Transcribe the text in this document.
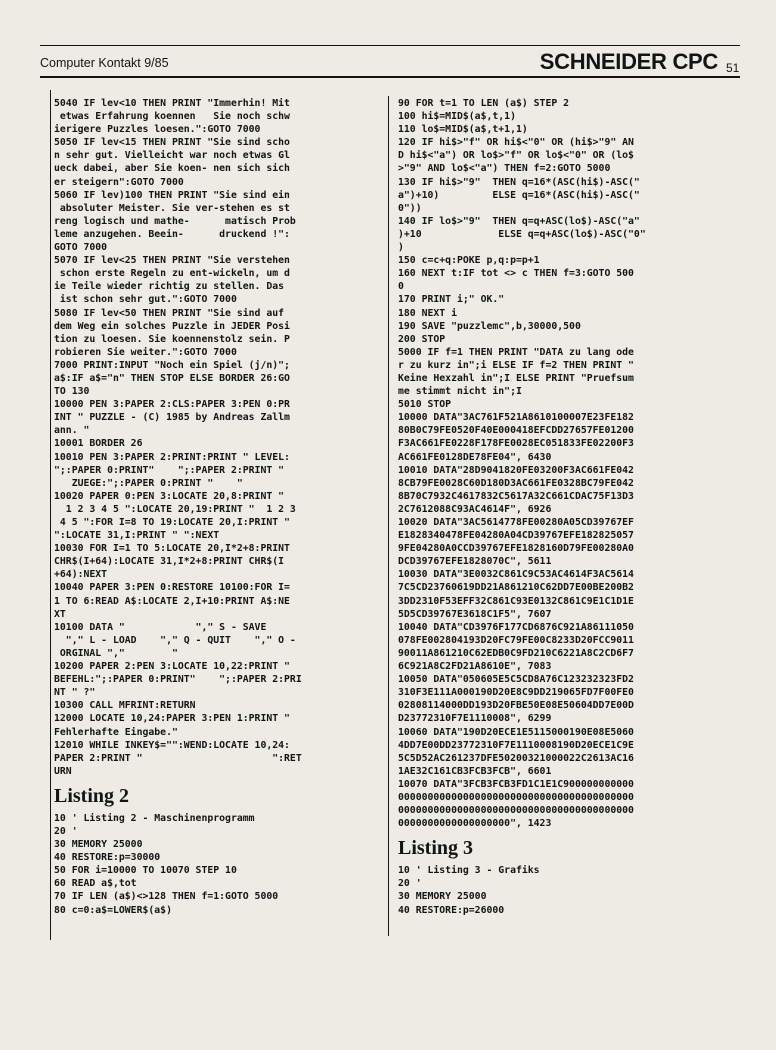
Computer Kontakt 9/85	SCHNEIDER CPC 51
5040 IF lev<10 THEN PRINT "Immerhin! Mit
etwas Erfahrung koennen   Sie noch schw
ierigere Puzzles loesen.":GOTO 7000
5050 IF lev<15 THEN PRINT "Sie sind scho
n sehr gut. Vielleicht war noch etwas Gl
ueck dabei, aber Sie koen- nen sich sich
er steigern":GOTO 7000
5060 IF lev)100 THEN PRINT "Sie sind ein
absoluter Meister. Sie ver-stehen es st
reng logisch und mathe-      matisch Prob
leme anzugehen. Beein-      druckend !":
GOTO 7000
5070 IF lev<25 THEN PRINT "Sie verstehen
schon erste Regeln zu ent-wickeln, um d
ie Teile wieder richtig zu stellen. Das
ist schon sehr gut.":GOTO 7000
5080 IF lev<50 THEN PRINT "Sie sind auf
dem Weg ein solches Puzzle in JEDER Posi
tion zu loesen. Sie koennenstolz sein. P
robieren Sie weiter.":GOTO 7000
7000 PRINT:INPUT "Noch ein Spiel (j/n)";
a$:IF a$="n" THEN STOP ELSE BORDER 26:GO
TO 130
10000 PEN 3:PAPER 2:CLS:PAPER 3:PEN 0:PR
INT " PUZZLE - (C) 1985 by Andreas Zallm
ann. "
10001 BORDER 26
10010 PEN 3:PAPER 2:PRINT:PRINT " LEVEL:
";:PAPER 0:PRINT"    ";:PAPER 2:PRINT "
ZUEGE:";:PAPER 0:PRINT "    "
10020 PAPER 0:PEN 3:LOCATE 20,8:PRINT "
1 2 3 4 5 ":LOCATE 20,19:PRINT "  1 2 3
4 5 ":FOR I=8 TO 19:LOCATE 20,I:PRINT "
":LOCATE 31,I:PRINT " ":NEXT
10030 FOR I=1 TO 5:LOCATE 20,I*2+8:PRINT
CHR$(I+64):LOCATE 31,I*2+8:PRINT CHR$(I
+64):NEXT
10040 PAPER 3:PEN 0:RESTORE 10100:FOR I=
1 TO 6:READ A$:LOCATE 2,I+10:PRINT A$:NE
XT
10100 DATA "            "," S - SAVE
"," L - LOAD    "," Q - QUIT    "," O -
ORGINAL ","        "
10200 PAPER 2:PEN 3:LOCATE 10,22:PRINT "
BEFEHL:";:PAPER 0:PRINT"    ";:PAPER 2:PRI
NT " ?"
10300 CALL MFRINT:RETURN
12000 LOCATE 10,24:PAPER 3:PEN 1:PRINT "
Fehlerhafte Eingabe."
12010 WHILE INKEY$="":WEND:LOCATE 10,24:
PAPER 2:PRINT "                      ":RET
URN
Listing 2
10 ' Listing 2 - Maschinenprogramm
20 '
30 MEMORY 25000
40 RESTORE:p=30000
50 FOR i=10000 TO 10070 STEP 10
60 READ a$,tot
70 IF LEN (a$)<>128 THEN f=1:GOTO 5000
80 c=0:a$=LOWER$(a$)
90 FOR t=1 TO LEN (a$) STEP 2
100 hi$=MID$(a$,t,1)
110 lo$=MID$(a$,t+1,1)
120 IF hi$>"f" OR hi$<"0" OR (hi$>"9" AN
D hi$<"a") OR lo$>"f" OR lo$<"0" OR (lo$
>"9" AND lo$<"a") THEN f=2:GOTO 5000
130 IF hi$>"9"  THEN q=16*(ASC(hi$)-ASC("
a")+10)         ELSE q=16*(ASC(hi$)-ASC("
0"))
140 IF lo$>"9"  THEN q=q+ASC(lo$)-ASC("a"
)+10             ELSE q=q+ASC(lo$)-ASC("0"
)
150 c=c+q:POKE p,q:p=p+1
160 NEXT t:IF tot <> c THEN f=3:GOTO 500
0
170 PRINT i;" OK."
180 NEXT i
190 SAVE "puzzlemc",b,30000,500
200 STOP
5000 IF f=1 THEN PRINT "DATA zu lang ode
r zu kurz in";i ELSE IF f=2 THEN PRINT "
Keine Hexzahl in";I ELSE PRINT "Pruefsum
me stimmt nicht in";I
5010 STOP
10000 DATA"3AC761F521A8610100007E23FE182
80B0C79FE0520F40E000418EFCDD27657FE01200
F3AC661FE0228F178FE0028EC051833FE02200F3
AC661FE0128DE78FE04", 6430
10010 DATA"28D9041820FE03200F3AC661FE042
8CB79FE0028C60D180D3AC661FE0328BC79FE042
8B70C7932C4617832C5617A32C661CDAC75F13D3
2C7612088C93AC4614F", 6926
10020 DATA"3AC5614778FE00280A05CD39767EF
E1828340478FE04280A04CD39767EFE182825057
9FE04280A0CCD39767EFE1828160D79FE00280A0
DCD39767EFE1828070C", 5611
10030 DATA"3E0032C861C9C53AC4614F3AC5614
7C5CD23760619DD21A861210C62DD7E00BE200B2
3DD2310F53EFF32C861C93E0132C861C9E1C1D1E
5D5CD39767E3618C1F5", 7607
10040 DATA"CD3976F177CD6876C921A86111050
078FE002804193D20FC79FE00C8233D20FCC9011
90011A861210C62EDB0C9FD210C6221A8C2CD6F7
6C921A8C2FD21A8610E", 7083
10050 DATA"050605E5C5CD8A76C123232323FD2
310F3E111A000190D20E8C9DD219065FD7F00FE0
02808114000DD193D20FBE50E08E50604DD7E00D
D23772310F7E1110008", 6299
10060 DATA"190D20ECE1E5115000190E08E5060
4DD7E00DD23772310F7E1110008190D20ECE1C9E
5C5D52AC261237DFE50200321000022C2613AC16
1AE32C161CB3FCB3FCB", 6601
10070 DATA"3FCB3FCB3FD1C1E1C900000000000
0000000000000000000000000000000000000000
0000000000000000000000000000000000000000
0000000000000000000", 1423
Listing 3
10 ' Listing 3 - Grafiks
20 '
30 MEMORY 25000
40 RESTORE:p=26000
